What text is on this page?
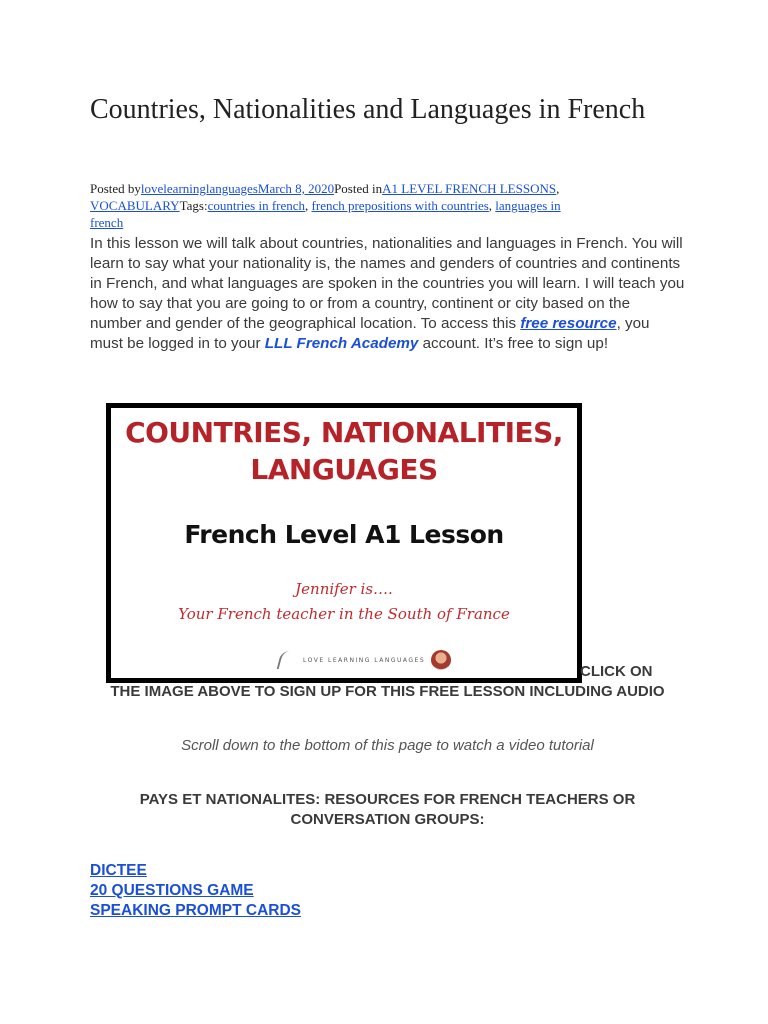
Countries, Nationalities and Languages in French
Posted bylovelearninglanguagesMarch 8, 2020Posted inA1 LEVEL FRENCH LESSONS, VOCABULARYTags:countries in french, french prepositions with countries, languages in french
In this lesson we will talk about countries, nationalities and languages in French. You will learn to say what your nationality is, the names and genders of countries and continents in French, and what languages are spoken in the countries you will learn. I will teach you how to say that you are going to or from a country, continent or city based on the number and gender of the geographical location. To access this free resource, you must be logged in to your LLL French Academy account. It’s free to sign up!
COUNTRIES, NATIONALITIES,
LANGUAGES
French Level A1 Lesson
Jennifer is….
Your French teacher in the South of France
LOVE LEARNING LANGUAGES
CLICK ON
THE IMAGE ABOVE TO SIGN UP FOR THIS FREE LESSON INCLUDING AUDIO
Scroll down to the bottom of this page to watch a video tutorial
PAYS ET NATIONALITES: RESOURCES FOR FRENCH TEACHERS OR CONVERSATION GROUPS:
DICTEE
20 QUESTIONS GAME
SPEAKING PROMPT CARDS
